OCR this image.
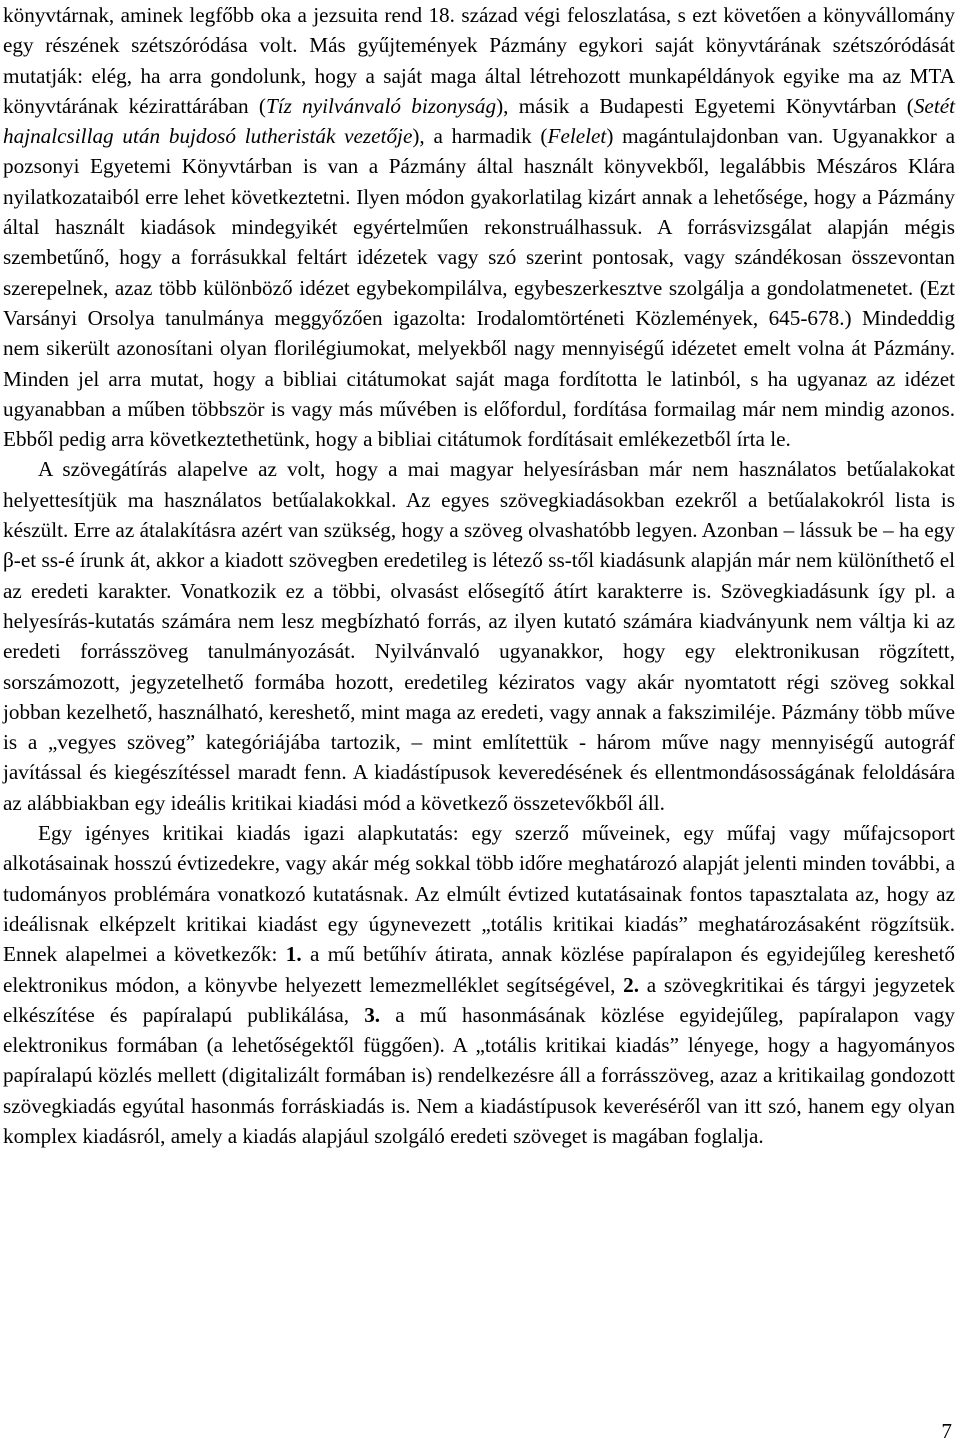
könyvtárnak, aminek legfőbb oka a jezsuita rend 18. század végi feloszlatása, s ezt követően a könyvállomány egy részének szétszóródása volt. Más gyűjtemények Pázmány egykori saját könyvtárának szétszóródását mutatják: elég, ha arra gondolunk, hogy a saját maga által létrehozott munkapéldányok egyike ma az MTA könyvtárának kézirattárában (Tíz nyilvánvaló bizonyság), másik a Budapesti Egyetemi Könyvtárban (Setét hajnalcsillag után bujdosó lutheristák vezetője), a harmadik (Felelet) magántulajdonban van. Ugyanakkor a pozsonyi Egyetemi Könyvtárban is van a Pázmány által használt könyvekből, legalábbis Mészáros Klára nyilatkozataiból erre lehet következtetni. Ilyen módon gyakorlatilag kizárt annak a lehetősége, hogy a Pázmány által használt kiadások mindegyikét egyértelműen rekonstruálhassuk. A forrásvizsgálat alapján mégis szembetűnő, hogy a forrásukkal feltárt idézetek vagy szó szerint pontosak, vagy szándékosan összevontan szerepelnek, azaz több különböző idézet egybekompilálva, egybeszerkesztve szolgálja a gondolatmenetet. (Ezt Varsányi Orsolya tanulmánya meggyőzően igazolta: Irodalomtörténeti Közlemények, 645-678.) Mindeddig nem sikerült azonosítani olyan florilégiumokat, melyekből nagy mennyiségű idézetet emelt volna át Pázmány. Minden jel arra mutat, hogy a bibliai citátumokat saját maga fordította le latinból, s ha ugyanaz az idézet ugyanabban a műben többször is vagy más művében is előfordul, fordítása formailag már nem mindig azonos. Ebből pedig arra következtethetünk, hogy a bibliai citátumok fordításait emlékezetből írta le.

A szövegátírás alapelve az volt, hogy a mai magyar helyesírásban már nem használatos betűalakokat helyettesítjük ma használatos betűalakokkal. Az egyes szövegkiadásokban ezekről a betűalakokról lista is készült. Erre az átalakításra azért van szükség, hogy a szöveg olvashatóbb legyen. Azonban – lássuk be – ha egy β-et ss-é írunk át, akkor a kiadott szövegben eredetileg is létező ss-től kiadásunk alapján már nem különíthető el az eredeti karakter. Vonatkozik ez a többi, olvasást elősegítő átírt karakterre is. Szövegkiadásunk így pl. a helyesírás-kutatás számára nem lesz megbízható forrás, az ilyen kutató számára kiadványunk nem váltja ki az eredeti forrásszöveg tanulmányozását. Nyilvánvaló ugyanakkor, hogy egy elektronikusan rögzített, sorszámozott, jegyzetelhető formába hozott, eredetileg kéziratos vagy akár nyomtatott régi szöveg sokkal jobban kezelhető, használható, kereshető, mint maga az eredeti, vagy annak a fakszimiléje. Pázmány több műve is a „vegyes szöveg” kategóriájába tartozik, – mint említettük - három műve nagy mennyiségű autográf javítással és kiegészítéssel maradt fenn. A kiadástípusok keveredésének és ellentmondásosságának feloldására az alábbiakban egy ideális kritikai kiadási mód a következő összetevőkből áll.

Egy igényes kritikai kiadás igazi alapkutatás: egy szerző műveinek, egy műfaj vagy műfajcsoport alkotásainak hosszú évtizedekre, vagy akár még sokkal több időre meghatározó alapját jelenti minden további, a tudományos problémára vonatkozó kutatásnak. Az elmúlt évtized kutatásainak fontos tapasztalata az, hogy az ideálisnak elképzelt kritikai kiadást egy úgynevezett „totális kritikai kiadás” meghatározásaként rögzítsük. Ennek alapelmei a következők: 1. a mű betűhív átirata, annak közlése papíralapon és egyidejűleg kereshető elektronikus módon, a könyvbe helyezett lemezmelléklet segítségével, 2. a szövegkritikai és tárgyi jegyzetek elkészítése és papíralapú publikálása, 3. a mű hasonmásának közlése egyidejűleg, papíralapon vagy elektronikus formában (a lehetőségektől függően). A „totális kritikai kiadás” lényege, hogy a hagyományos papíralapú közlés mellett (digitalizált formában is) rendelkezésre áll a forrásszöveg, azaz a kritikailag gondozott szövegkiadás egyútal hasonmás forráskiadás is. Nem a kiadástípusok keveréséről van itt szó, hanem egy olyan komplex kiadásról, amely a kiadás alapjául szolgáló eredeti szöveget is magában foglalja.

7
